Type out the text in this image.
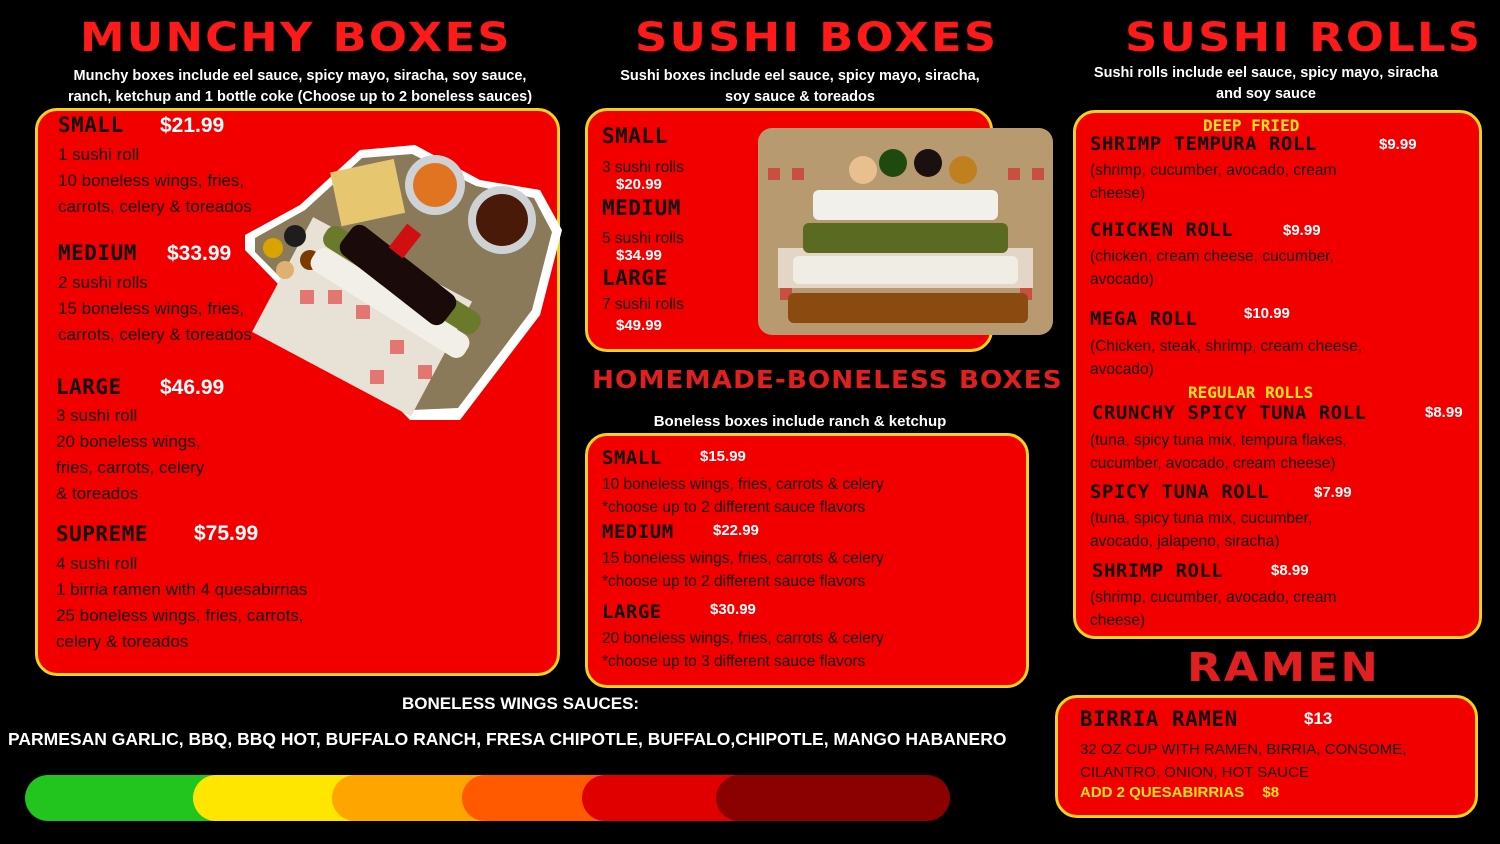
MUNCHY BOXES
Munchy boxes include eel sauce, spicy mayo, siracha, soy sauce,
ranch, ketchup and 1 bottle coke (Choose up to 2 boneless sauces)
SMALL $21.99
1 sushi roll
10 boneless wings, fries,
carrots, celery & toreados
MEDIUM $33.99
2 sushi rolls
15 boneless wings, fries,
carrots, celery & toreados
LARGE $46.99
3 sushi roll
20 boneless wings,
fries, carrots, celery
& toreados
SUPREME $75.99
4 sushi roll
1 birria ramen with 4 quesabirrias
25 boneless wings, fries, carrots,
celery & toreados
SUSHI BOXES
Sushi boxes include eel sauce, spicy mayo, siracha,
soy sauce & toreados
SMALL
3 sushi rolls
$20.99
MEDIUM
5 sushi rolls
$34.99
LARGE
7 sushi rolls
$49.99
HOMEMADE-BONELESS BOXES
Boneless boxes include ranch & ketchup
SMALL	$15.99
10 boneless wings, fries, carrots & celery
*choose up to 2 different sauce flavors
MEDIUM	$22.99
15 boneless wings, fries, carrots & celery
*choose up to 2 different sauce flavors
LARGE	$30.99
20 boneless wings, fries, carrots & celery
*choose up to 3 different sauce flavors
BONELESS WINGS SAUCES:
PARMESAN GARLIC, BBQ, BBQ HOT, BUFFALO RANCH, FRESA CHIPOTLE, BUFFALO,CHIPOTLE, MANGO HABANERO
SUSHI ROLLS
Sushi rolls include eel sauce, spicy mayo, siracha
and soy sauce
DEEP FRIED
SHRIMP TEMPURA ROLL	$9.99
(shrimp, cucumber, avocado, cream
cheese)
CHICKEN ROLL	$9.99
(chicken, cream cheese, cucumber,
avocado)
MEGA ROLL	$10.99
(Chicken, steak, shrimp, cream cheese,
avocado)
REGULAR ROLLS
CRUNCHY SPICY TUNA ROLL	$8.99
(tuna, spicy tuna mix, tempura flakes,
cucumber, avocado, cream cheese)
SPICY TUNA ROLL	$7.99
(tuna, spicy tuna mix, cucumber,
avocado, jalapeno, siracha)
SHRIMP ROLL	$8.99
(shrimp, cucumber, avocado, cream
cheese)
RAMEN
BIRRIA RAMEN	$13
32 OZ CUP WITH RAMEN, BIRRIA, CONSOME,
CILANTRO, ONION, HOT SAUCE
ADD 2 QUESABIRRIAS $8
